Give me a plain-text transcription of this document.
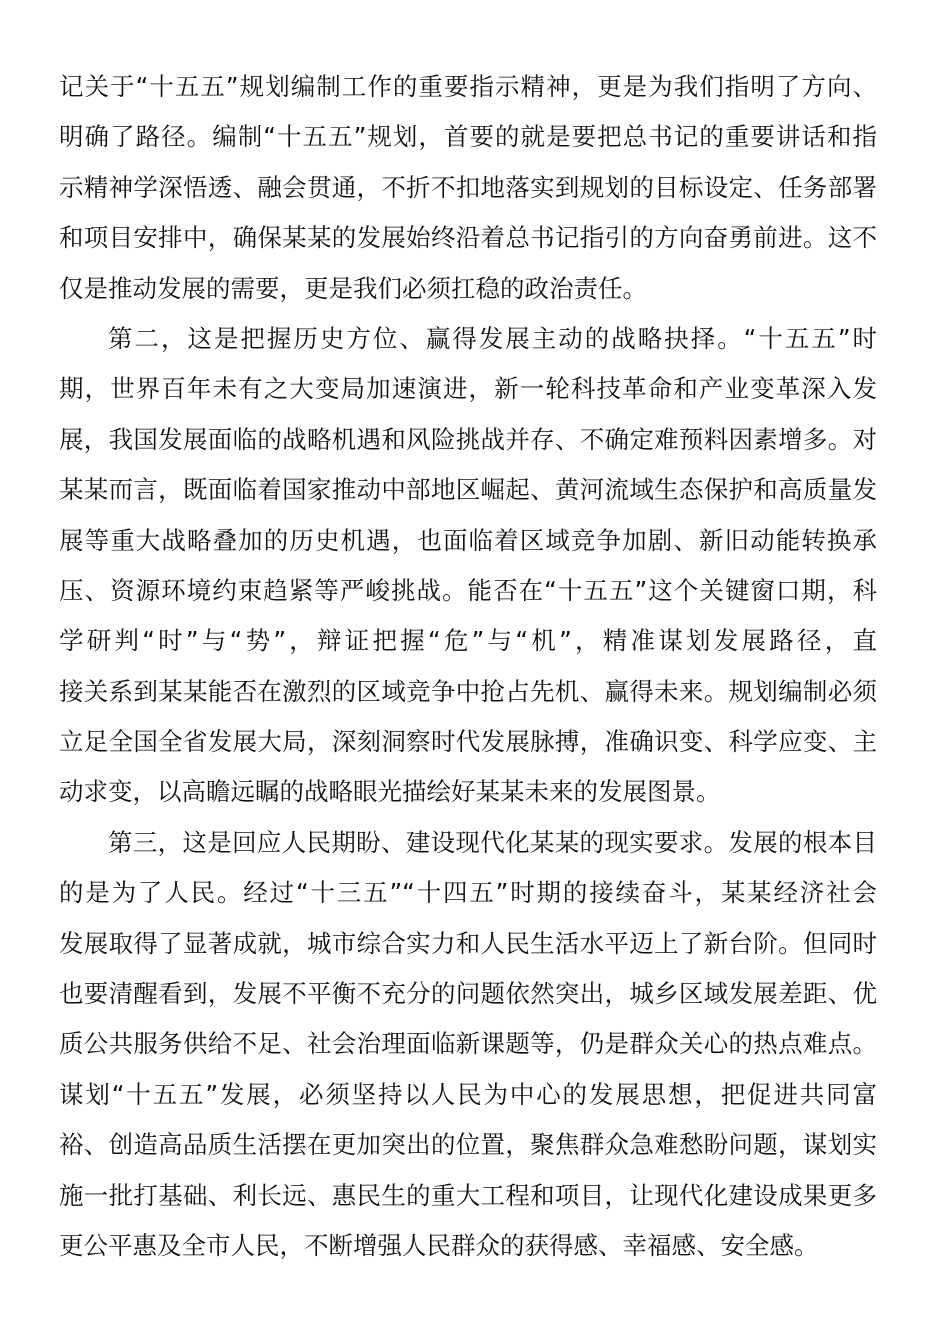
记关于“十五五”规划编制工作的重要指示精神，更是为我们指明了方向、
明确了路径。编制“十五五”规划，首要的就是要把总书记的重要讲话和指
示精神学深悟透、融会贯通，不折不扣地落实到规划的目标设定、任务部署
和项目安排中，确保某某的发展始终沿着总书记指引的方向奋勇前进。这不
仅是推动发展的需要，更是我们必须扛稳的政治责任。
第二，这是把握历史方位、赢得发展主动的战略抉择。“十五五”时
期，世界百年未有之大变局加速演进，新一轮科技革命和产业变革深入发
展，我国发展面临的战略机遇和风险挑战并存、不确定难预料因素增多。对
某某而言，既面临着国家推动中部地区崛起、黄河流域生态保护和高质量发
展等重大战略叠加的历史机遇，也面临着区域竞争加剧、新旧动能转换承
压、资源环境约束趋紧等严峻挑战。能否在“十五五”这个关键窗口期，科
学研判“时”与“势”，辩证把握“危”与“机”，精准谋划发展路径，直
接关系到某某能否在激烈的区域竞争中抢占先机、赢得未来。规划编制必须
立足全国全省发展大局，深刻洞察时代发展脉搏，准确识变、科学应变、主
动求变，以高瞻远瞩的战略眼光描绘好某某未来的发展图景。
第三，这是回应人民期盼、建设现代化某某的现实要求。发展的根本目
的是为了人民。经过“十三五”“十四五”时期的接续奋斗，某某经济社会
发展取得了显著成就，城市综合实力和人民生活水平迈上了新台阶。但同时
也要清醒看到，发展不平衡不充分的问题依然突出，城乡区域发展差距、优
质公共服务供给不足、社会治理面临新课题等，仍是群众关心的热点难点。
谋划“十五五”发展，必须坚持以人民为中心的发展思想，把促进共同富
裕、创造高品质生活摆在更加突出的位置，聚焦群众急难愁盼问题，谋划实
施一批打基础、利长远、惠民生的重大工程和项目，让现代化建设成果更多
更公平惠及全市人民，不断增强人民群众的获得感、幸福感、安全感。
